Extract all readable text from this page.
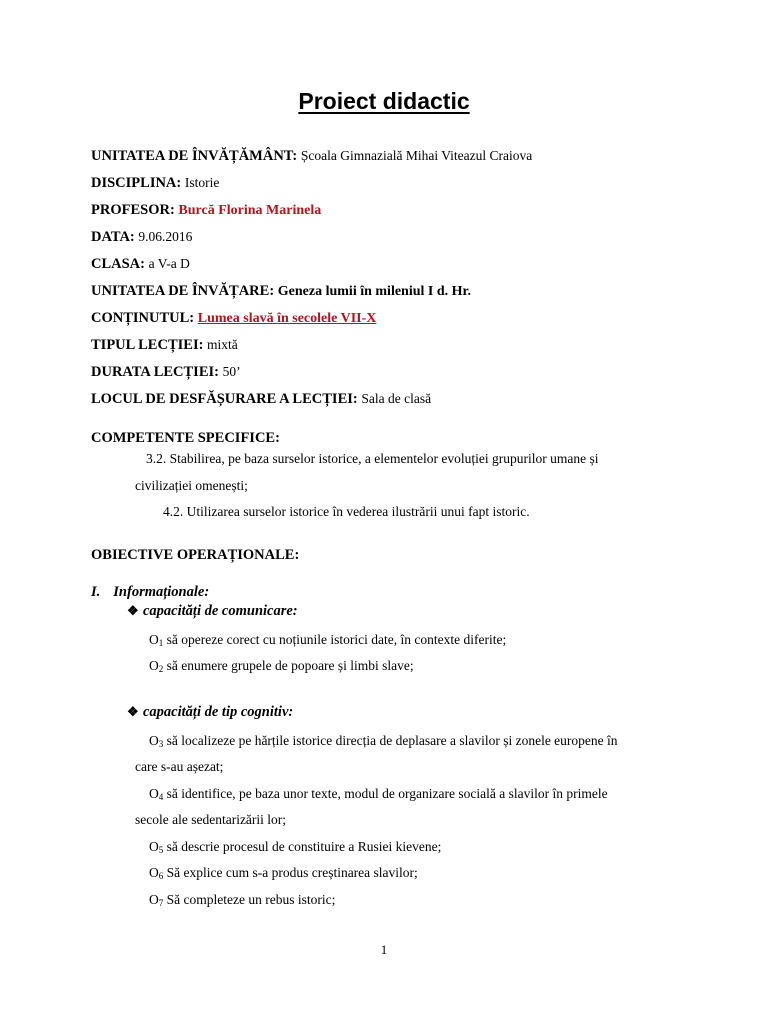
Proiect didactic
UNITATEA DE ÎNVĂȚĂMÂNT: Școala Gimnazială Mihai Viteazul Craiova
DISCIPLINA: Istorie
PROFESOR: Burcă Florina Marinela
DATA: 9.06.2016
CLASA: a V-a D
UNITATEA DE ÎNVĂȚARE: Geneza lumii în mileniul I d. Hr.
CONȚINUTUL: Lumea slavă în secolele VII-X
TIPUL LECȚIEI: mixtă
DURATA LECȚIEI: 50’
LOCUL DE DESFĂȘURARE A LECȚIEI: Sala de clasă
COMPETENTE SPECIFICE:
3.2. Stabilirea, pe baza surselor istorice, a elementelor evoluției grupurilor umane și
civilizației omenești;
4.2. Utilizarea surselor istorice în vederea ilustrării unui fapt istoric.
OBIECTIVE OPERAȚIONALE:
I. Informaționale:
❖ capacități de comunicare:
$O_1$ să opereze corect cu noțiunile istorici date, în contexte diferite;
$O_2$ să enumere grupele de popoare și limbi slave;
❖ capacități de tip cognitiv:
$O_3$ să localizeze pe hărțile istorice direcția de deplasare a slavilor și zonele europene în
care s-au așezat;
$O_4$ să identifice, pe baza unor texte, modul de organizare socială a slavilor în primele
secole ale sedentarizării lor;
$O_5$ să descrie procesul de constituire a Rusiei kievene;
$O_6$ Să explice cum s-a produs creștinarea slavilor;
$O_7$ Să completeze un rebus istoric;
1
